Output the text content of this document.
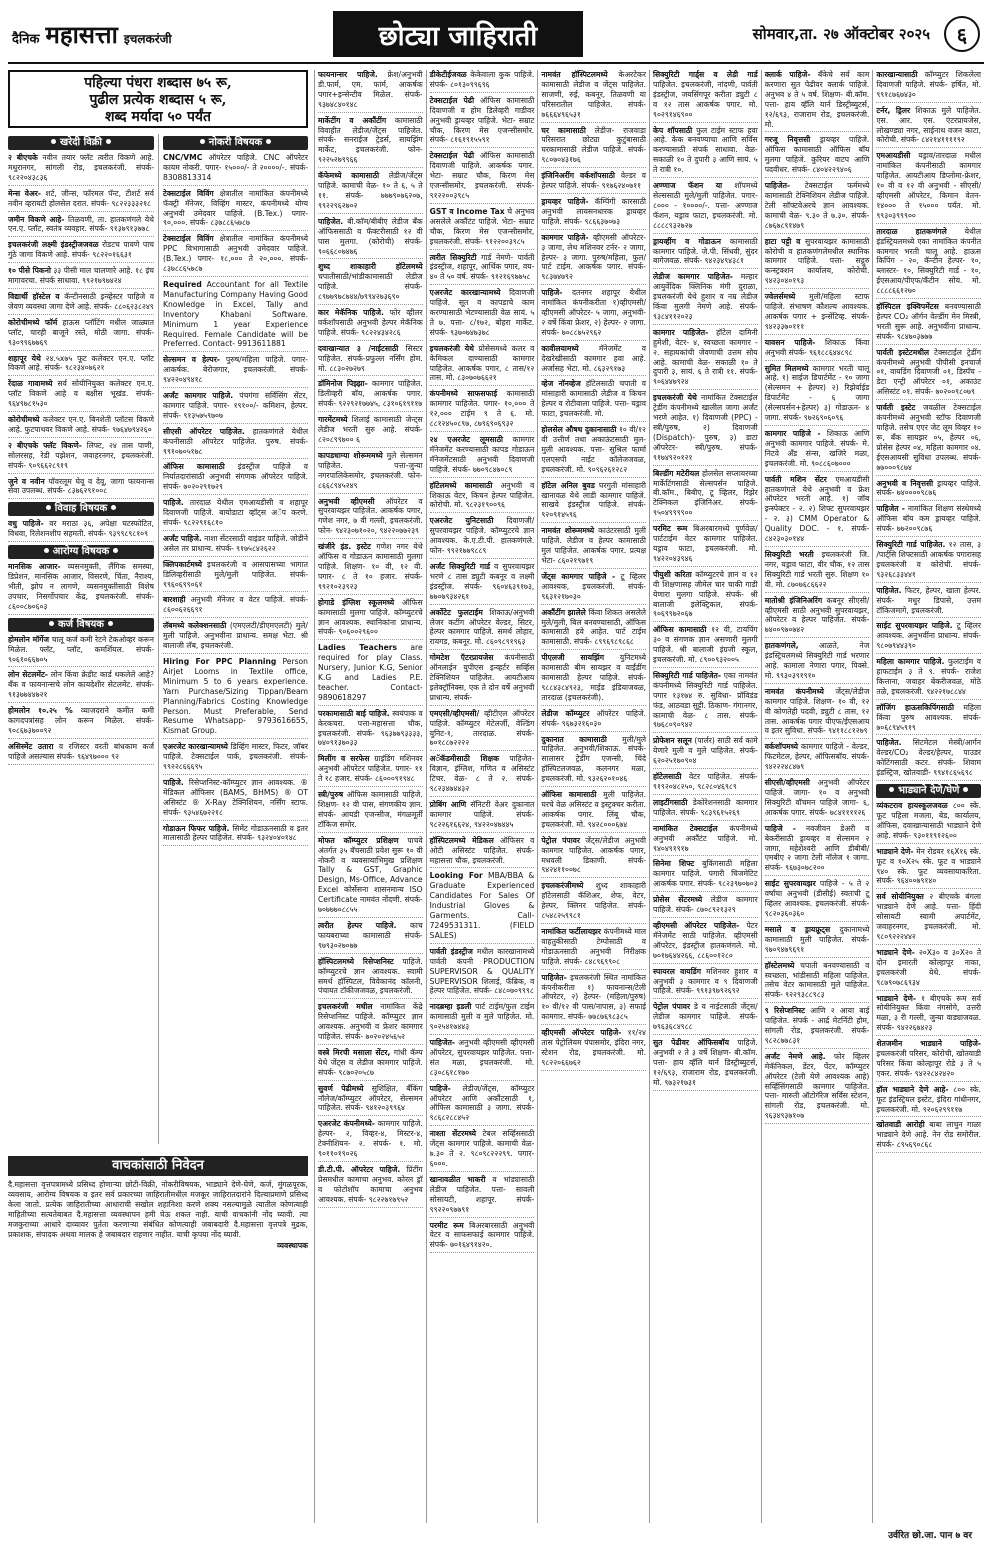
दैनिक महासत्ता इचलकरंजी	छोट्या जाहिराती	सोमवार,ता. २७ ऑक्टोबर २०२५	६
पहिल्या पंधरा शब्दास ७५ रू,
पुढील प्रत्येक शब्दास ५ रू,
शब्द मर्यादा ५० पर्यंत
खरेदी विक्री
२ बीएचके नवीन तयार फ्लॅट त्वरीत विकणे आहे. मधुरानगर, सांगली रोड, इचलकरंजी. संपर्क- ९८२२०४३८३६
मेन्स वेअर- शर्ट, जीन्स, फॉरमल पॅन्ट, टीशर्ट सर्व नवीन व्हरायटी होलसेल दरात. संपर्क- ९८२२३३३२१८
जमीन विकणे आहे- तिळवणी, ता. हातकणंगले येथे एन.ए. प्लॉट, स्वतंत्र व्यवहार. संपर्क- ९१३७९१३७७८
इचलकरंजी लक्ष्मी इंडस्ट्रीजजवळ रोडटच पावणे पाच गुंठे जागा विकणे आहे. संपर्क- ९८२२०१६६३१
१० पीसे पिकनो ३३ पीसी माल चालणारे आहे. १८ इंच मागावरचा. संपर्क साधावा. ९९२१७९७४२४
विद्यार्थी हॉस्टेल व कॅन्टीनसाठी इन्व्हेस्टर पाहिजे व जेवण व्यवस्था जागा देणे आहे. संपर्क- ८८०६२३८२४९
कोरोचीमध्ये फॉर्म हाऊस प्लॉटिंग मधील जाळ्यात प्लॉट, चारही बाजूने रस्ते, मोठी जागा. संपर्क- ९३०९९६७७६९
शहापूर येथे २४.५x७५ फूट कलेक्टर एन.ए. प्लॉट विकणे आहे. संपर्क- ९८२३४०७६२१
रेंदाळ गावामध्ये सर्व सोयीनियुक्त कलेक्टर एन.ए. प्लॉट विकणे आहे व बक्षीस भूखंड. संपर्क- ९६४९७८१५३०
कोरोचीमध्ये कलेक्टर एन.ए. बिनशेती प्लॉटस विकणे आहे. फुटपाथवर विकणे आहे. संपर्क- ९७६४७९४२६०
२ बीएचके फ्लॅट विकणे- लिफ्ट, २४ तास पाणी, सोलरसह, रेडी पझेशन, जवाहरनगर, इचलकरंजी. संपर्क- ९०९६६२८९१९
जुने व नवीन पॉवरलूम घेवू व देवू, जागा फायनान्स सेवा उपलब्ध. संपर्क- ८३७६२९१००८
विवाह विषयक
वधु पाहिजे- वर मराठा ३६, अपेक्षा घटस्फोटित, विधवा, रिलेशनशीप सहमती. संपर्क- ९३९९८९८१०९
आरोग्य विषयक
मानसिक आजार- व्यसनमुक्ती, लैंगिक समस्या, डिप्रेशन, मानसिक आजार, विसरणे, चिंता, नैराश्य, भीती, झोप न लागणे, व्यसनमुक्तीसाठी विशेष उपचार, निसर्गोपचार केंद्र, इचलकरंजी. संपर्क- ८६००८७०६०३
कर्ज विषयक
होमलोन मॉर्गेज चालू कर्ज कमी रेटने टेकओव्हर करून मिळेल. फ्लॅट, प्लॉट, कमर्शियल. संपर्क- ९०६१०६६७०५
लोन सेटलमेंट- लोन किंवा क्रेडीट कार्ड थकलेले आहे? बँक व फायनान्सचे लोन कायदेशीर सेटलमेंट. संपर्क- ९१३७७४४७२१
होमलोन १०.२५ % व्याजदराने कमीत कमी कागदपत्रांसह लोन करून मिळेल. संपर्क- ९०८६७३७००९२
असिस्मेंट उतारा व रजिस्टर वरती बांधकाम कर्ज पाहिजे असल्यास संपर्क- ९६४९७००० ९२
नोकरी विषयक
CNC/VMC ऑपरेटर पाहिजे. CNC ऑपरेटर कायम नोकरी. पगार- १५०००/- ते २००००/-. संपर्क- 8308813314
टेक्सटाईल विविंग क्षेत्रातील नामांकित कंपनीमध्ये फॅक्ट्री मॅनेजर, विव्हिंग मास्टर, कंपनीमध्ये योग्य अनुभवी उमेदवार पाहिजे. (B.Tex.) पगार- ९०,०००. संपर्क- ८३७८८६५७८७
टेक्सटाईल विविंग क्षेत्रातील नामांकित कंपनीमध्ये PPC विभागासाठी अनुभवी उमेदवार पाहिजे. (B.Tex.) पगार- १८,००० ते २०,०००. संपर्क- ८३७८८६५७८७
Required Accountant for all Textile Manufacturing Company Having Good Knowledge in Excel, Tally and Inventory Khabani Software. Minimum 1 year Experience Required. Female Candidate will be Preferred. Contact- 9913611881
सेल्समन व हेल्पर- पुरुष/महिला पाहिजे. पगार- आकर्षक. बेरोजगार, इचलकरंजी. संपर्क- ९४२२०४९४१८
अर्जंट कामगार पाहिजे. पंचगंगा सर्विसिंग सेंटर, कामगार पाहिजे. पगार- १९१००/- कमिशन, हेल्पर. संपर्क- ९१३५७५९७०७
सीएसी ऑपरेटर पाहिजेत. हातकणंगले येथील कंपनीसाठी ऑपरेटर पाहिजेत. पुरुष. संपर्क- ९९१०७०५१७८
ऑफिस कामासाठी इंडस्ट्रीज पाहिजे व निर्यातदारांसाठी अनुभवी संगणक ऑपरेटर पाहिजे. संपर्क- ७०२०२९१७२९
पाहिजे. तारदाळ येथील एमआयडीसी व शहापूर दिवाणजी पाहिजे. बायोडाटा व्हॉट्स अॅप करणे. संपर्क- ९८२२९१६८१०
अर्जंट पाहिजे. नाशा सेंटरसाठी वाइंडर पाहिजे. जोडीने असेल तर प्राधान्य. संपर्क- ९१७५८४२६२२
क्लिपकार्टमध्ये इचलकरंजी व आसपासच्या भागात डिलिव्हरीसाठी मुले/मुली पाहिजेत. संपर्क- ९९६०६९९०६१
बारशाही अनुभवी मॅनेजर व वेटर पाहिजे. संपर्क- ८६००६२६६९१
लॅबमध्ये कलेक्शनसाठी (एमएलटी/डीएमएलटी) मुले/मुली पाहिजे. अनुभवीना प्राधान्य. समक्ष भेटा. श्री बालाजी लॅब, इचलकरंजी.
Hiring For PPC Planning Person Airjet Looms in Textile office, Minimum 5 to 6 years experience. Yarn Purchase/Sizing Tippan/Beam Planning/Fabrics Costing Knowledge Person. Must Preferable, Send Resume Whatsapp- 9793616655, Kismat Group.
एअरजेट कारखान्यामध्ये डिव्हिंग मास्टर, फिटर, जॉबर पाहिजे. टेक्सटाईल पार्क, इचलकरंजी. संपर्क- ९९२२८६६६९५
पाहिजे. रिसेप्शनिस्ट-कॉम्प्युटर ज्ञान आवश्यक. ® मेडिकल ऑफिसर (BAMS, BHMS) ® OT असिस्टंट ® X-Ray टेक्निशियन, नर्सिंग स्टाफ. संपर्क- ९३५४६७२२१८
गोडाऊन फिफर पाहिजे. सिमेंट गोडाऊनसाठी व इतर मालासाठी हेल्पर पाहिजेत. संपर्क- ९३२४०४०१४८
वाचकांसाठी निवेदन
दै.महासत्ता वृत्तपत्रामध्ये प्रसिध्द होणाऱ्या छोटी-विक्री, नोकरीविषयक, भाड्याने देणे-घेणे, कर्ज, मुंगळपूरक, व्यवसाय, आरोग्य विषयक व इतर सर्व प्रकारच्या जाहिरातीमधील मजकूर जाहिरातदारांने दिल्याप्रमाणे प्रसिध्द केला जातो. प्रत्येक जाहिरातीच्या आधाराची सखोल शहानिशा करणे शक्य नसल्यामुळे त्यातील कोणत्याही माहितीच्या सत्यतेबाबत दै.महासत्ता व्यवस्थापन हमी घेऊ शकत नाही. याची वाचकांनी नोंद घ्यावी. त्या मजकुराच्या आधारे दाव्यावर पुर्तता करणाऱ्या संबंधित कोणत्याही जबाबदारी दै.महासत्ता वृत्तपत्रे मुद्रक, प्रकाशक, संपादक अथवा मालक हे जबाबदार राहणार नाहीत. याची कृपया नोंद घ्यावी.
व्यवस्थापक
फायनान्सर पाहिजे. फ्रेश/अनुभवी डी.फार्म, एम. फार्म, आकर्षक पगार+इन्सेन्टीव मिळेल. संपर्क- ९३७४८४०१४८
मार्केटींग व अकौंटींग कामासाठी विवाहीत लेडीज/जेंट्स पाहिजेत. संपर्क- सनराईज ट्रेडर्स, सायझिंग मार्केट, इचलकरंजी. फोन- ९२२५२७९९६६
कॅफेमध्ये कामासाठी लेडीज/जेंट्स पाहिजे. कामाची वेळ- १० ते ६, ५ ते ११. संपर्क- ७७७९०७६२०७, ९९२२९६२७०२
पाहिजेत. बी.कॉम/बीबीए लेडीज बँक ऑफिससाठी व फॅक्टरीसाठी १२ वी पास मुलगा. (कोरोची) संपर्क- ९०६६८०७४७६
शुध्द शाकाहारी हॉटेलमध्ये चपातीसाठी/भांडीकामासाठी लेडीज पाहिजे. संपर्क- ८९७७९७८७४४/७९९४२७३६९०
कार मेकॅनिक पाहिजे. फोर व्हीलर वर्कशॉपसाठी अनुभवी हेल्पर मेकॅनिक पाहिजे. संपर्क- ९८२२४३४२८६
दवाखान्यात ३ /नाईटसाठी सिस्टर पाहिजेत. संपर्क-प्रफुल्ल नर्सिंग होम. मो. ८८३०२७२७९
डॉमिनोज पिझ्झा- कामगार पाहिजेत. डिलीव्हरी बॉय, आकर्षक पगार. संपर्क- ९२२९२१७७४५, ८३१०६१९११७
गारमेंटमध्ये शिलाई कामासाठी जेन्ट्स लेडीज भरती सुरु आहे. संपर्क- ८२०८९९७०० ६
कापडधाग्या शोरूममध्ये मुले सेल्समन पाहिजेत. पत्ता-जुन्या नगरपालिकेसमोर, इचलकरंजी. फोन- ८६६८९४५२४९
अनुभवी व्हीएमसी ऑपरेटर व सुपरवायझर पाहिजेत. आकर्षक पगार, गणेश नगर, ७ वी गल्ली, इचलकरंजी. फोन- ९४२३०७१०२०, ९४२२०७७२३९
खंजीरे इंड. इस्टेट गणेश नगर येथे ऑफिस व गोडाऊन कामासाठी मुलगा पाहिजे. शिक्षण- १० वी, १२ वी. पगार- ८ ते १० हजार. संपर्क- ९९२१०२३९२३
होगाडे इंग्लिश स्कूलमध्ये ऑफिस कामासाठी मुलगा पाहिजे. कॉम्प्युटरचे ज्ञान आवश्यक. स्थानिकांना प्राधान्य. संपर्क- ९०६००२९६००
Ladies Teachers are required for play Class. Nursery, Junior K.G, Senior K.G and Ladies P.E. teacher. Contact- 9890618297
परकामासाठी बाई पाहिजे. स्वयंपाक व केरकचरा. पत्ता-महासत्ता चौक, इचलकरंजी. संपर्क- ९६३७७९३३३३, ७४०९१३७०३३
मिलींग व सरफेस ग्राइंडिंग मशिनवर अनुभवी ऑपरेटर पाहिजेत. पगार- ११ ते १८ हजार. संपर्क- ८६०००९१९४८
स्त्री/पुरुष ऑफिस कामासाठी पाहिजे. शिक्षण- १२ वी पास, संगणकीय ज्ञान. संपर्क- आयडी एजन्सीज, मंगळमूर्ती टॉकिज समोर.
मोफत कॉम्प्युटर प्रशिक्षण पाचवे अंतर्गत ३५ बॅचसाठी प्रवेश सुरू १० वी नोकरी व व्यवसायाभिमुख प्रशिक्षण Tally & GST, Graphic Design, Ms-Office, Advance Excel कोर्सेसना शासनमान्य ISO Certificate नामवंत नोंदणी. संपर्क- ७०७७७०८८५५
त्वरीत हेल्पर पाहिजे. काच फायबराच्या कामासाठी संपर्क- ९७९३०२७०७७
हॉस्पिटलमध्ये रिसेप्शनिस्ट पाहिजे. कॉम्प्युटरचे ज्ञान आवश्यक. स्वामी समर्थ हॉस्पिटल, विवेकानंद कॉलनी, पंचायत टॉकीजजवळ, इचलकरंजी.
इचलकरंजी मधील नामांकित केंद्रे रिसेप्शनिस्ट पाहिजे. कॉम्प्युटर ज्ञान आवश्यक. अनुभवी व फ्रेशर कामगार पाहिजेत. संपर्क- ७०२०२४५६५२
वस्त्रे मिरची मसाला सेंटर, गांधी कॅम्प येथे जेंट्स व लेडीज कामगार पाहिजे. संपर्क- ९८७०२०५८७
सुवर्ण पेढीमध्ये सुशिक्षित, बँकिंग नॉलेज/कॉम्प्युटर ऑपरेटर, सेल्समन पाहिजेत. संपर्क- ९४१२०३९९६४
एअरजेट कंपनीमध्ये- कामगार पाहिजे. हेल्पर- २, विव्हर-४, मिस्टर-४, टेक्नीशियन- २. संपर्क- १. मो. ९०११०१९०२६
डी.टी.पी. ऑपरेटर पाहिजे. प्रिंटींग प्रेसमधील कामाचा अनुभव. कोरल ड्रॉ व फोटोशॉप कामाचा अनुभव आवश्यक. संपर्क- ९८२२७१७९५२
डीकेटीईजवळ केकेवाला कुक पाहिजे. संपर्क- ८०१३०९९६९६
टेक्सटाईल पेढी ऑफिस कामासाठी दिवाणजी व होम डिलेव्हरी गाडीवर अनुभवी ड्रायव्हर पाहिजे. भेटा- सम्राट चौक, किरण मेस एजन्सीसमोर. संपर्क- ८१६१९१५५९१
टेक्सटाईल पेढी ऑफिस कामासाठी दिवाणजी पाहिजे. आकर्षक पगार. भेटा- सम्राट चौक, किरण मेस एजन्सीसमोर, इचलकरंजी. संपर्क- ९१२२००३९८५
GST व Income Tax चे अनुभव असलेले अकौंटंट पाहिजे. भेटा- सम्राट चौक, किरण मेस एजन्सीसमोर, इचलकरंजी. संपर्क- ९१२२००३९८५
त्वरीत सिक्युरिटी गार्ड नेमणे- पार्वती इंडस्ट्रीज, शहापूर, आर्थिक पगार, वय- ४० ते ५० वर्ष. संपर्क- ९१२१६९७७५८
एअरजेट कारखान्यामध्ये दिवाणजी पाहिजे. सूत व कापडाचे काम करण्यासाठी भेटण्यासाठी वेळ सायं. ५ ते ७. पत्ता- ८/१७२, बोहरा मार्केट. संपर्क- ९३७०७४७३७८
इचलकरंजी येथे प्रोसेसमध्ये कलर व केमिकल दाण्यासाठी कामगार पाहिजेत. आकर्षक पगार, ८ तास/१२ तास. मो. ८३०७०७६६२१
कंपनीमध्ये साफसफाई कामासाठी कामगार पाहिजेत. पगार- १०,००० ते १२,००० टाईम ९ ते ६. मो. ८८१२४५०८९७, ८७९६९०६९३२
२४ एअरजेट लूमसाठी कामगार मॅनेजमेंट करण्यासाठी कापड गोडाऊन मॅनेजमेंटसाठी अनुभवी दिवाणजी पाहिजे. संपर्क- ७७०९८४७०८९
हॉटेलमध्ये कामासाठी अनुभवी व शिकाऊ वेटर, किचन हेल्पर पाहिजेत. कोरोची. मो. ९८२३१९००९६
एअरजेट युनिटसाठी दिवाणजी/सुपरवायझर पाहिजे. कॉम्प्युटरचे ज्ञान आवश्यक. के.ए.टी.पी. हातकणंगले. फोन- ९९२१७७९८८९
अर्जंट सिक्युरिटी गार्ड व सुपरवायझर भरणे ८ तास ड्युटी कबनूर व लक्ष्मी इंडस्ट्रीज. संपर्क- ९६०४६३९१७३, ७७०७९३४२६१
अर्कोटेट फुलटाईम शिकाऊ/अनुभवी लेजर कटींग ऑपरेटर वेल्डर, सिटर, हेल्पर कामगार पाहिजे. समर्थ लोहार, रायगड, कबनूर. मो. ८६०९८९१९६३
गोमटेश ऍटरप्रायजेस कंपनीसाठी ऑनलाईन युपीएस इन्व्हर्टर सर्व्हिस टेक्निशियन पाहिजेत. आयटीआय इलेक्ट्रॉनिक्स, एक ते दोन वर्षे अनुभवी प्राधान्य. संपर्क-
एमएसी/व्हीएमसी/ व्हीटीएल ऑपरेटर पाहिजे. कॉम्प्युटर मेटेलर्जी, वेल्डिंग युनिट-१, तारदाळ. संपर्क- ७०१८८७२२२२
अॅकॅडमीसाठी शिक्षक पाहिजेत- विज्ञान, इंग्लिश, गणित व असिस्टंट टिचर. वेळ- ८ ते २. संपर्क- ९८२३४७४४३२
प्रोबिंग आणि सॅनिटरी वेअर दुकानात कामगार पाहिजे. संपर्क- ९८२२६१६६२४, ९४२२०४७४४५
हॉस्पिटलमध्ये मेडिकल ऑफिसर व ओटी असिस्टंट पाहिजेत. संपर्क- महासत्ता चौक, इचलकरंजी.
Looking For MBA/BBA & Graduate Experienced Candidates For Sales Of Industrial Gloves & Garments. Call- 7249531311. (FIELD SALES)
पार्वती इंडस्ट्रीज मधील कारखानामध्ये पार्वती कंपनी PRODUCTION SUPERVISOR & QUALITY SUPERVISOR शिलाई, फॅब्रिक, व हेल्पर पाहिजेत. संपर्क- ८४८०७०९९९८
नादब्रम्हा इडली पार्ट टाईम/फुल टाईम कामासाठी मुली व मुले पाहिजेत. मो. ९०२५४१७४४३
पाहिजेत- अनुभवी व्हीएमसी व्हीएमसी ऑपरेटर, सुपरवायझर पाहिजेत. पत्ता- संत मळा, इचलकरंजी. मो. ८३०८६१८१७०
पाहिजे- लेडीज/जेंट्स, कॉम्प्युटर ऑपरेटर आणि अकौंटसाठी १, ऑफिस कामासाठी ३ जागा. संपर्क- ९८६८२८८४५२
नाश्ता सेंटरमध्ये टेबल सर्व्हिससाठी जेंट्स कामगार पाहिजे. कामाची वेळ- ७.३० ते २. ९८०९८२२२९९. पगार- ६०००.
खानावळीत भाकरी व भांड्यासाठी लेडीज पाहिजेत. पत्ता- सावली सोसायटी, शहापूर. संपर्क- ९९२२०९७७९१
परमीट रूम बिअरबारसाठी अनुभवी वेटर व साफसफाई कामगार पाहिजे. संपर्क- ७०१६४९१४२०.
नामवंत हॉस्पिटलमध्ये केअरटेकर कामासाठी लेडीज व जेंट्स पाहिजेत. साजणी, रुई, कबनूर, तिळवणी या परिसरातील पाहिजेत. संपर्क- ७६६६४९६५३१
घर कामासाठी लेडीज- राजवाडा परिसरात छोट्या कुटुंबासाठी घरकामासाठी लेडीज पाहिजे. संपर्क- ९८०७०४३१७६
इंजिनिअरींग वर्कशॉपसाठी वेल्डर व हेल्पर पाहिजे. संपर्क- ९१७६२४०७११
ड्रायव्हर पाहिजे- कॅम्पिंगी कारसाठी अनुभवी लायसनधारक ड्रायव्हर पाहिजे. संपर्क- ९८६६३७०७३
कामगार पाहिजे- व्हीएमसी ऑपरेटर- ३ जागा, लेथ मशिनवर टर्नर- २ जागा, हेल्पर- ३ जागा. पुरुष/महिला, फुल/पार्ट टाईम. आकर्षक पगार. संपर्क- ९८३७४७९२
पाहिजे- दतनगर शहापूर येथील नामांकित कंपनीकरीता १)व्हीएमसी/व्हीएमसी ऑपरेटर- ५ जागा, अनुभवी- २ वर्षे किंवा फ्रेशर, २) हेल्पर- २ जागा. संपर्क- ७०८८७५२९६२
कावीलयामध्ये	मॅनेजमेंट व देखरेखीसाठी कामगार हवा आहे. अर्जासह भेटा. मो. ८६३२९१७३
व्हेज नॉनव्हेज हॉटेलसाठी चपाती व मांसाहारी कामासाठी लेडीज व किचन हेल्पर व रोटीवाला पाहिजे. पत्ता- यड्राव फाटा, इचलकरंजी. मो.
होलसेल औषध दुकानासाठी १० वी/१२ वी उत्तीर्ण तथा अकाऊंटसाठी मुल-मुली आवश्यक. पत्ता- सुश्रिल फार्मा एलएसपी नाईट कॉलेजजवळ, इचलकरंजी. मो. ९०९६२६१२८२
हॉटेल अनिल बुवड घरगुती मांसाहारी खानावळ येथे लाडी कामगार पाहिजे. साखवे इंडस्ट्रीज पाहिजे. संपर्क- ९२०९१४५९६
नामवंत शोरूममध्ये काउंटरसाठी मुली पाहिजे. लेडीज व हेल्पर कामासाठी मुल पाहिजेत. आकर्षक पगार. प्रत्यक्ष भेटा- ८६०२१९७१९
जेंट्स कामगार पाहिजे - टू व्हिलर आवश्यक, इचलकरंजी. संपर्क- ९६३१२१७०३०
अकौंटींग झालेले किंवा शिकत असलेले मुले/मुली, बिल बनवण्यासाठी, ऑफिस कामासाठी हवे आहेत. पार्ट टाईम कामासाठी. संपर्क- ८९९६९८९८६८
पीएलजी सायझिंग युनिटमध्ये कामासाठी बीम सायझर व वाईंडींग कामासाठी हेल्पर पाहिजे. संपर्क- ९८८४३८४९२३, माईड इंडियाजवळ, तारदाळ (इचलकरंजी).
लेडीज कॉम्प्युटर ऑपरेटर पाहिजे. संपर्क- ९६७३२१६०३०
दुकानात कामासाठी मुली/मुले पाहिजेत. अनुभवी/शिकाऊ. संपर्क- सालासर ट्रेडींग एजन्सी, चिंदे हॉस्पिटलजवळ, कलनगर मळा, इचलकरंजी. मो. ९३२६२०१०४६
ऑफिस कामासाठी मुली पाहिजेत. घरचे वेळ असिस्टंट व इस्ट्रक्चर करीता. आकर्षक पगार. लिंबू चौक, इचलकरंजी. मो. ९४२८०००६७४
पेट्रोल पंपावर जेंट्स/लेडीज अनुभवी कामगार पाहिजेत. आकर्षक पगार, मधवली डिकाणी. संपर्क- ९४२४११००७८
इचलकरंजीमध्ये शुध्द शाकाहारी हॉटेलसाठी कॅशिअर, शेफ, वेटर, हेल्पर, क्लिनर पाहिजेत. संपर्क- ८५४८२५९९८१
नामांकित फर्टीलायझर कंपनीमध्ये माल वाहतुकीसाठी टेम्पोसाठी व गोडाऊनसाठी अनुभवी निरीक्षक पाहिजे. संपर्क- ८४८९६९९०८
पाहिजेत- इचलकरंजी स्थित नामांकित कंपनीकरीता १) फायनान्स/टेली ऑपरेटर, २) हेल्पर- (महिला/पुरुष) १० वी/१२ वी पास/नापास, ३) सफाई कामगार. संपर्क- ७७८७६९८३८५
व्हीएमसी ऑपरेटर पाहिजे- ११/२४ तास पेट्रोलियम पंपासमोर, इंदिरा नगर, स्टेशन रोड, इचलकरंजी. मो. ९८२२०६६७६२
सिक्युरिटी गार्ड्स व लेडी गार्ड पाहिजेत. इचलकरंजी, नांदणी, पार्वती इंडस्ट्रीज, जयसिंगपूर करीता ड्युटी ८ व १२ तास आकर्षक पगार. मो. ९०२९१४६९००
केप शॉपसाठी फुल टाईम स्टाफ हवा आहे. केक बनवण्याचा आणि सर्विस करण्यासाठी संपर्क साधावा. वेळ- सकाळी १० ते दुपारी ३ आणि सायं. ५ ते रात्री १०.
अण्णाज फॅशन या शॉपमध्ये सेल्ससाठी मुले/मुली पाहिजेत. पगार- ८००० - १००००/-. पत्ता- अण्णाज फॅशन, यड्राव फाटा, इचलकरंजी. मो. ८८८८९३२७२७
ड्रायव्हींग व गोडाऊन कामासाठी कामगार पाहिजे. जे.पी. सिंधवी, सुंदर बागेजवळ. संपर्क- ९४२३४९४३८१
लेडीज कामगार पाहिजेत- मल्हार आयुर्वेदिक क्लिनिक मंगी दुराळा, इचलकरंजी येथे हुशार व नम्र लेडीज किंवा मुलगी नेमणे आहे. संपर्क- ९३८४११२०२३
कामगार पाहिजेत- हॉटेल दामिनी हुमेशी, वेटर- ४, स्वच्छता कामगार - २. सहायकांची जेवणाची उत्तम सोय आहे. कामाची वेळ- सकाळी १० ते दुपारी ३, सायं. ६ ते रात्री ११. संपर्क- ९०६४४७९२४
इचलकरंजी येथे नामांकित टेक्सटाईल ट्रेडींग कंपनीमध्ये खालील जागा अर्जंट भरणे आहेत. १) दिवाणजी (PPC) - स्त्री/पुरुष, २) दिवाणजी (Dispatch)- पुरुष, ३) डाटा ऑपरेटर- स्त्री/पुरुष. संपर्क- ९१७४९२०१२१
बिल्डींग मटेरीयल होलसेल सप्लायरच्या मार्केटिंगसाठी सेल्सपर्सन पाहिजे. बी.कॉम., बिबीए, टू व्हिलर, रिझेर टेक्निकल इंजिनिअर. संपर्क- ९५०४९९९९००
परमिट रूम बिअरबारमध्ये पूर्णवेळ/पार्टटाईम वेटर कामगार पाहिजेत. यड्राव फाटा, इचलकरंजी. मो. ९४२२०४३९४६
पीयुशी करिता कॉम्प्युटरचे ज्ञान व १२ वी शिक्षणासह जीमेल चार चाकी गाडी येणारा मुलगा पाहिजे. संपर्क- श्री बालाजी इलेक्ट्रिकल, संपर्क- ९०६९९७२०६७
ऑफिस कामासाठी १२ वी, टायपिंग ३० व संगणक ज्ञान असणारी मुलगी पाहिजे. श्री बालाजी इंग्रजी स्कूल, इचलकरंजी. मो. ८९००९३२००५
सिक्युरिटी गार्ड पाहिजेत- एका नामवंत कंपनीमध्ये सिक्युरिटी गार्ड पाहिजेत. पगार १३१७४ रु. सुविधा- प्रॉविडंड फंड, आठवडा सुट्टी. ठिकाण- गंगानगर, कामाची वेळ- ८ तास. संपर्क- ९७६८०९०९४२
प्रोफेशन सलून (पार्लर) साठी सर्व कामे येणारे मुली व मुले पाहिजेत. संपर्क- ६२०२५१७०९०४
हॉटेलसाठी वेटर पाहिजेत. संपर्क- ९१९२०४८२५०, ९८२८०४६९८९
लाइटींगसाठी डेकोरेशनसाठी कामगार पाहिजेत. संपर्क- ९८३९६१५२६९
नामांकित टेक्सटाईल कंपनीमध्ये अनुभवी अकौंटंट पाहिजे. मो. ९४०४९१९१७
सिनेमा शिफ्ट बुकिंगसाठी महिला कामगार पाहिजे. पगारी चिजमेटिट आकर्षक पगार. संपर्क- ९८२३९७०७०३
प्रोसेस सेंटरमध्ये लेडीज कामगार पाहिजे. संपर्क- ८७०८९२१३२९
व्हीएमसी ऑपरेटर पाहिजेत- पेटर मॅनेजमेंट साठी पाहिजेत. व्हीएमसी ऑपरेटर, इंडस्ट्रीज हातकणंगले. मो. ७०१७६४४२६६, ८८६००१२८०
स्पायरल वायडिंग मशिनवर हुशार व अनुभवी ३ कामगार व ९ दिवाणजी पाहिजे. संपर्क- ९९१३९७९२६९२
पेट्रोल पंपावर डे व नाईटसाठी जेंट्स/लेडीज कामगार पाहिजे. संपर्क- ७९६३६८४९८८
सुत पेढीवर ऑफिसबॉय पाहिजे. अनुभवी २ ते ३ वर्षे शिक्षण- बी.कॉम. पत्ता- हाय व्हॅलि यार्न डिस्ट्रीब्युटर्स, १२/६९३, राजाराम रोड, इचलकरंजी. मो. ९७३२१७३१
क्लार्क पाहिजे- बँकेचे सर्व काम करणारा सुत पेढीवर क्लार्क पाहिजे. अनुभव ४ ते ५ वर्ष. शिक्षण- बी.कॉम. पत्ता- हाय व्हॅलि यार्न डिस्ट्रीब्युटर्स, १२/६९३, राजाराम रोड, इचलकरंजी. मो.
गरजू निवृत्तसी ड्रायव्हर पाहिजे. ऑफिस कामासाठी ऑफिस बॉय मुलगा पाहिजे. कुरियर वाटप आणि पदवीधर. संपर्क- ८४०४२२९४०६
पाहिजेत- टेक्सटाईल फर्ममध्ये कामासाठी टेक्निशियन लेडीज पाहिजे. टेली सॉफ्टवेअरचे ज्ञान आवश्यक. कामाची वेळ- ९.३० ते ७.३०. संपर्क- ८७६७८९१४७९
हाटा पट्टी व सुपरवायझर कामासाठी कोरोची व हातकणंगलेमधील स्थानिक कामगार पाहिजे. पत्ता- सद्गुरु कन्स्ट्रक्शन कार्यालय, कोरोची. ९४२३०४०१९३
ज्वेलर्समध्ये मुली/महिला स्टाफ पाहिजे. संभाषण कौशल्य आवश्यक. आकर्षक पगार + इन्सेंटिव्ह. संपर्क- ९४२३३७०१११
यावसन पाहिजे- शिकाऊ किंवा अनुभवी संपर्क- ९६१८८६४४८९८
सुमित मिलमध्ये कामगार भरती चालू आहे. १) साईज डिपार्टमेंट - १० जागा (सेल्समन + हेल्पर) २) रिझेर्वाईड डिपार्टमेंट - ६ जागा (सेल्सपर्सन+हेल्पर) ३) गोडाऊन- ४ जागा. संपर्क- ९७२६९०६०९६
कामगार पाहिजे - शिकाऊ आणि अनुभवी कामगार पाहिजे. संपर्क- मे. निटवे अँड संन्स, खजिरे मळा, इचलकरंजी. मो. ९०८८६०७०००
पार्वती मशिन सेंटर एमआयडीसी हातकणंगले येथे अनुभवी व फ्रेश ऑपरेटर भरती आहे. १) जॉब इन्स्पेक्टर - २. २) शिफ्ट सुपरवायझर - २. ३) CMM Operator & Quality DOC. - १. संपर्क- ८४२३०३०१४४
सिक्युरिटी भरती इचलकरंजी जि. नगर, यड्राव फाटा, वीर चौक, १२ तास सिक्युरिटी गार्ड भरती सुरु. शिक्षण १० वी. मो. ८७०७६८६६२२
मातोश्री इंजिनिअरिंग कबनूर सीएसी/व्हीएमसी साठी अनुभवी सुपरवायझर, ऑपरेटर व हेल्पर पाहिजेत. संपर्क- ७४००९७०७४२
हातकणंगले,	आळते, नेज इंडस्ट्रियलमध्ये सिक्युरिटी गार्ड भरणार आहे. कामाला नेणारा पगार, पिक्से. मो. ९९३०३९१९१०
नामवंत कंपनीमध्ये जेंट्स/लेडीज कामगार पाहिजे. शिक्षण- १० वी, १२ वी कोणतेही पदवी, ड्युटी ८ तास, १२ तास. आकर्षक पगार पीएफ/ईएसआय व इतर सुविधा. संपर्क- ९४११८८१२७९
वर्कशॉपमध्ये कामगार पाहिजे - वेल्डर, फिटमेटल, हेल्पर, ऑफिसबॉय. संपर्क- ९४२२२४८४७९
सीएसी/व्हीएमसी अनुभवी ऑपरेटर पाहिजे. जागा- १० व अनुभवी सिक्युरिटी वॉचमन पाहिजे जागा- ६, आकर्षक पगार. संपर्क- ७८४११११२६
पाहिजे - नवजीवन डेअरी व बेकरीसाठी ड्रायव्हर व सेल्समन २ जागा, महेशेश्वरी आणि डीबीबी/एमबीए २ जागा टेली नॉलेज १ जागा. संपर्क- ९६७३०७८२००
साईट सुपरवायझर पाहिजे - ५ ते २ वर्षांचा अनुभवी (डीसीई) स्वतःची टू व्हिलर आवश्यक. इचलकरंजी. संपर्क- ९८२०३६०३६०
मसाले व ड्रायफ्रूट्स दुकानामध्ये कामासाठी मुली पाहिजेत. संपर्क- ९७०९४७९६९१
हॉस्टेलमध्ये चपाती बनवण्यासाठी व स्वच्छता, भांडीसाठी महिला पाहिजेत. तसेच वेटर कामासाठी मुले पाहिजेत. संपर्क- ९२२९३८८९८३
९ रिसेप्शनिस्ट आणि २ आया बाई पाहिजेत. संपर्क - आर्द्र मेटर्निटी होम, सांगली रोड, इचलकरंजी. संपर्क- ९८२८७७८३१
अर्जंट नेमणे आहे. फोर व्हिलर मेकॅनिकल, डेंटर, पेंटर, कॉम्प्युटर ऑपरेटर (टेली येणे आवश्यक आहे) सर्व्हिसिंगसाठी कामगार पाहिजेत. पत्ता- मारुती ऑटोगॅरेज सर्विस स्टेशन, सांगली रोड, इचलकरंजी. मो. ९६३४९३७१०७
कारखान्यासाठी कॉम्प्युटर शिकलेला दिवाणजी पाहिजे. संपर्क- हर्षित, मो. ९९१८७६७४३०
टर्नर, ड्रिलर शिकाऊ मुले पाहिजेत. एस. आर. एस. एंटरप्रायजेस, लोखण्ड्या नगर, साईनाथ वजन काटा, कोरोची. संपर्क- ८४२१४११११९२
एमआयडीसी यड्राव/तारदाळ मधील नामांकित कंपनीसाठी कामगार पाहिजेत. आयटीआय डिप्लोमा-फ्रेशर, १० वी व १२ वी अनुभवी - सीएसी/व्हीएमसी ऑपरेटर, किमान वेतन- १४००० ते १५००० पर्यंत. मो. ९९३०३९९९००
तारदाळ हातकणंगले येथील इंडस्ट्रियलमध्ये एका नामांकित कंपनीत कामगार भरती चालू आहे. हाऊस किपिंग - २०, कॅन्टीन हेल्पर- १०, ब्लास्टर- १०, सिक्युरिटी गार्ड - १०, ईएसआय/पीएफ/कॅंटीन सोय. मो. ८८८८६६१२७०
हॉस्पिटल इक्विपमेंटस बनवण्यासाठी हेल्पर CO₂ ऑर्गन वेल्डींग मेन मिस्त्री, भरती सुरू आहे. अनुभवींना प्राधान्य. संपर्क- ९८४७०३७७७
पार्वती इस्टेटमधील टेक्सटाईल ट्रेडींग कंपनीमध्ये अनुभवी पीपीसी इनचार्ज ०१, वायडिंग दिवाणजी ०१, डिस्पॅच - डेटा एन्ट्री ऑपरेटर ०१, अकाउंट असिस्टंट ०१. संपर्क- ७०२००९८०७९
पार्वती इस्टेट जवळील टेक्सटाईल कंपनीमध्ये अनुभवी स्टॉफ दिवाणजी पाहिजे. तसेच एएर जेट लूम विव्हर १० रू, बँक सायझर ०५, हेल्पर ०६, प्रोसेस हेल्पर ०४, महिला कामगार ०४. ईएसआयसी सुविधा उपलब्ध. संपर्क- ७७०००९८७४
अनुभवी व निवृत्तसी ड्रायव्हर पाहिजे. संपर्क- ७४००००९८७६
पाहिजेत - नामांकित शिक्षण संस्थेमध्ये ऑफिस बॉय कम ड्रायव्हर पाहिजे. संपर्क- ७७२००९८७६
सिक्युरिटी गार्ड पाहिजेत. १२ तास, ३ /पार्ट्सि शिफ्टसाठी आकर्षक पगारासह इचलकरंजी व कोरोची. संपर्क- ९३२६८३३४४१
पाहिजेत. फिटर, हेल्पर, खाता हेल्पर. संपर्क- मधुर डिपासे, उत्तम टॉकिजमागे, इचलकरंजी.
साईट सुपरवायझर पाहिजे. टू व्हिलर आवश्यक. अनुभवींना प्राधान्य. संपर्क- ९८०७९४४३९०
महिला कामगार पाहिजे. फुलटाईम व हाफटाईम ३ ते ९. संपर्क- राजेश कित्ताना, जवाहर बेकरीजवळ, मोठे तळे, इचलकरंजी. ९४२२१७८८४४
लॉजिंग हाऊसकिपिंगसाठी महिला किंवा पुरुष आवश्यक. संपर्क- ७०६८९४५९१९
पाहिजेत. सिटमेटल मेस्त्री/आर्गन वेल्डर/CO₂ वेल्डर/हेल्पर, पाउडर कोटिंगसाठी कटर. संपर्क- शिवाम इंडस्ट्रिज, खोतवाडी- ९९४१८६५६९८
भाड्याने देणे/घेणे
व्यंकटराव हायस्कूलजवळ ८०० स्के. फूट पहिला मजला, बेड, कार्यालय, ऑफिस, दवाखान्यासाठी भाड्याने देणे आहे. संपर्क- ९३०११९१२६००
भाड्याने देणे- मेन रोडवर १६X१६ स्के. फूट व १०X२५ स्के. फूट व भाड्याने ९४० स्के. फूट व्यवसायाकरिता. संपर्क- ९६४००७९१४०
सर्व सोयीनियुक्त २ बीएचके बंगला भाड्याने देणे आहे. पत्ता- हिंदी सोसायटी स्वामी अपार्टमेंट, जवाहरनगर, इचलकरंजी. मो. ९८०९२२२४४२
भाड्याने देणे- २०X३० व ३०X२० ते दोन इमारती कोल्हापूर नाका, इचलकरंजी येथे. संपर्क- ९८७९०७८६९३४
भाड्याने देणे- १ बीएचके रूम सर्व सोयीनियुक्त किंवा नंगसोगे, उत्तरी मळा, ३ री गल्ली, जुन्या वाड्याजवळ. संपर्क- ९४२२६७४२३
शेतजमीन भाड्याने पाहिजे- इचलकरंजी परिसर, कोरोची, खोतवाडी परिसर किंवा कोल्हापूर रोडे ३ ते ५ एकर. संपर्क- ९४२२८४२४२०
हॉल भाड्याने देणे आहे- ८०० स्के. फूट इंडस्ट्रियल इस्टेट, इंदिरा गांधीनगर, इचलकरंजी. मो. ९२०६२९९११७
खोतवाडी आरोही बाबा लाचुन गाळा भाड्याने देणे आहे. नेन रोड समोरील. संपर्क- ८९५६९०८६८
उर्वरित छो.जा. पान ७ वर
